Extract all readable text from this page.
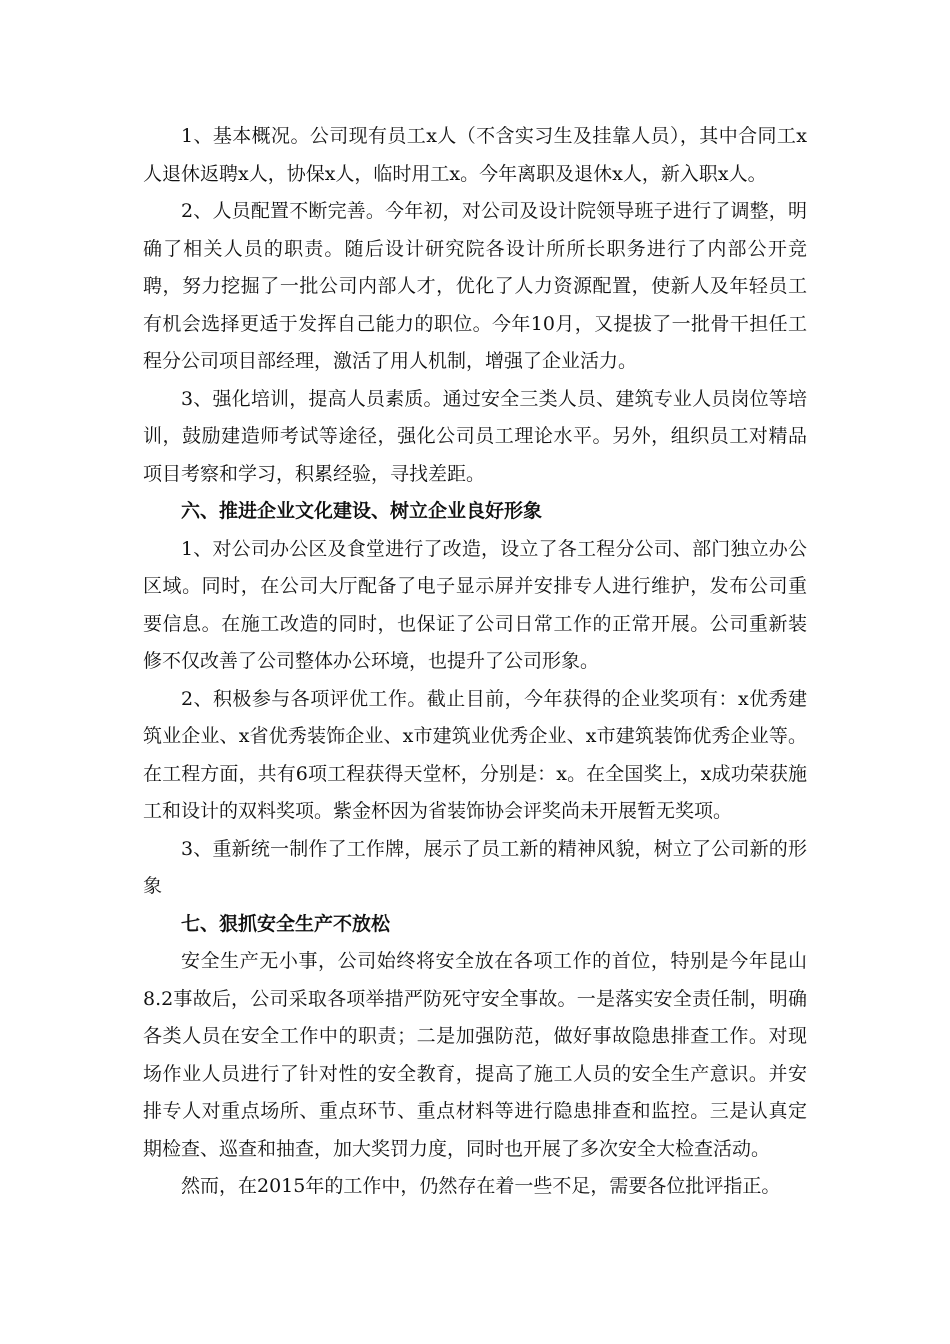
1、基本概况。公司现有员工x人（不含实习生及挂靠人员），其中合同工x人退休返聘x人，协保x人，临时用工x。今年离职及退休x人，新入职x人。

2、人员配置不断完善。今年初，对公司及设计院领导班子进行了调整，明确了相关人员的职责。随后设计研究院各设计所所长职务进行了内部公开竞聘，努力挖掘了一批公司内部人才，优化了人力资源配置，使新人及年轻员工有机会选择更适于发挥自己能力的职位。今年10月，又提拔了一批骨干担任工程分公司项目部经理，激活了用人机制，增强了企业活力。

3、强化培训，提高人员素质。通过安全三类人员、建筑专业人员岗位等培训，鼓励建造师考试等途径，强化公司员工理论水平。另外，组织员工对精品项目考察和学习，积累经验，寻找差距。

六、推进企业文化建设、树立企业良好形象

1、对公司办公区及食堂进行了改造，设立了各工程分公司、部门独立办公区域。同时，在公司大厅配备了电子显示屏并安排专人进行维护，发布公司重要信息。在施工改造的同时，也保证了公司日常工作的正常开展。公司重新装修不仅改善了公司整体办公环境，也提升了公司形象。

2、积极参与各项评优工作。截止目前，今年获得的企业奖项有：x优秀建筑业企业、x省优秀装饰企业、x市建筑业优秀企业、x市建筑装饰优秀企业等。在工程方面，共有6项工程获得天堂杯，分别是：x。在全国奖上，x成功荣获施工和设计的双料奖项。紫金杯因为省装饰协会评奖尚未开展暂无奖项。

3、重新统一制作了工作牌，展示了员工新的精神风貌，树立了公司新的形象

七、狠抓安全生产不放松

安全生产无小事，公司始终将安全放在各项工作的首位，特别是今年昆山8.2事故后，公司采取各项举措严防死守安全事故。一是落实安全责任制，明确各类人员在安全工作中的职责；二是加强防范，做好事故隐患排查工作。对现场作业人员进行了针对性的安全教育，提高了施工人员的安全生产意识。并安排专人对重点场所、重点环节、重点材料等进行隐患排查和监控。三是认真定期检查、巡查和抽查，加大奖罚力度，同时也开展了多次安全大检查活动。

然而，在2015年的工作中，仍然存在着一些不足，需要各位批评指正。
